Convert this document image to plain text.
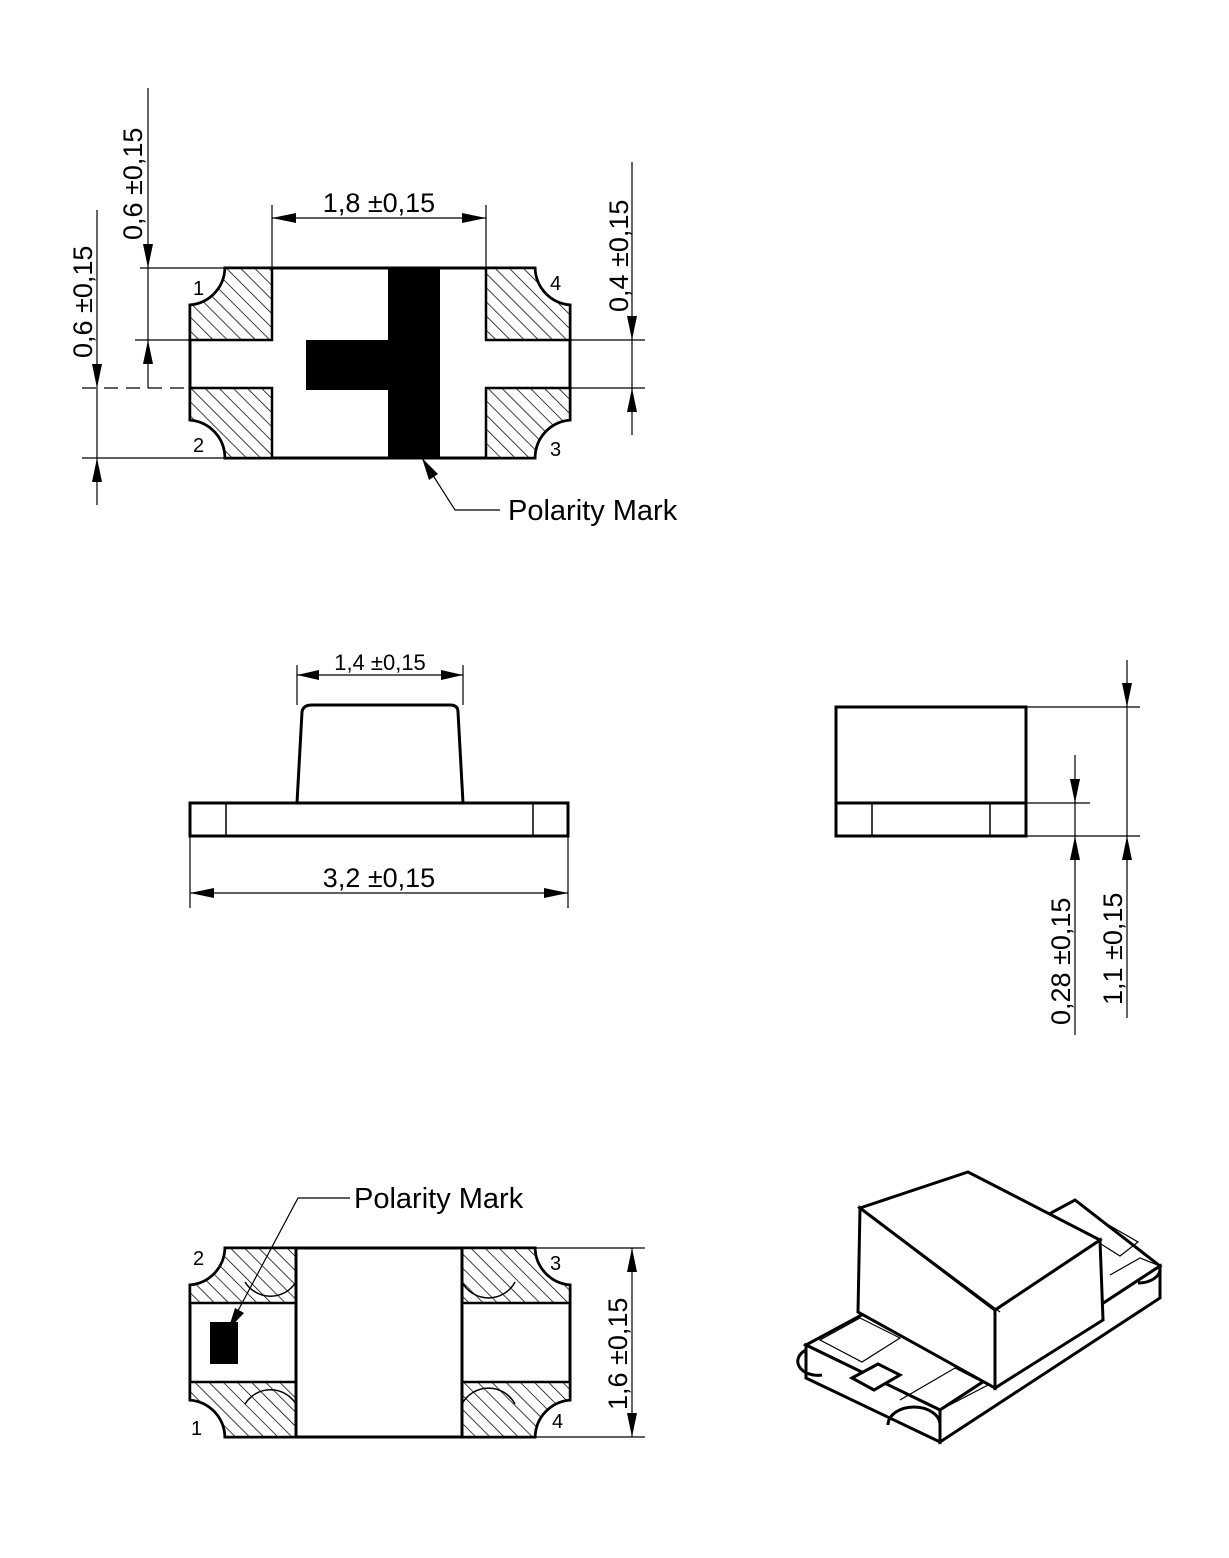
1
2	3
4
1,8 ±0,15
0,6 ±0,15
0,6 ±0,15	0,4 ±0,15
Polarity Mark
1,4 ±0,15
3,2 ±0,15
0,28 ±0,15 1,1 ±0,15
2	3
1	4
Polarity Mark
1,6 ±0,15
